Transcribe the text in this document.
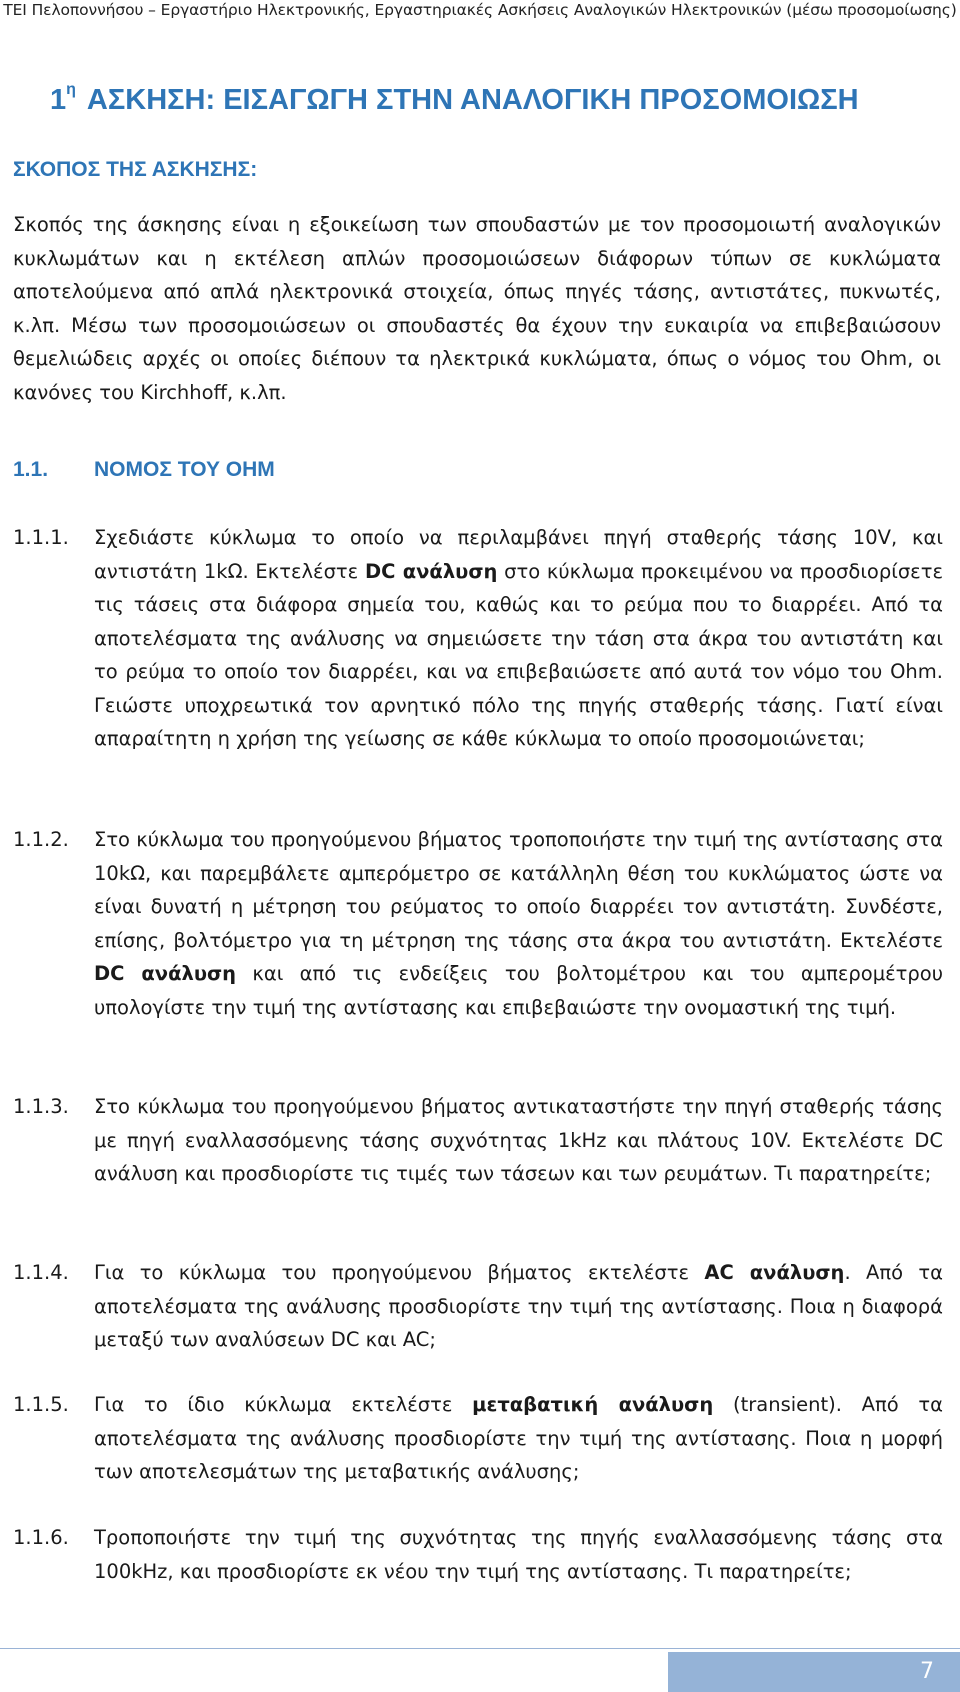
ΤΕΙ Πελοποννήσου – Εργαστήριο Ηλεκτρονικής, Εργαστηριακές Ασκήσεις Αναλογικών Ηλεκτρονικών (μέσω προσομοίωσης)
$1^\eta$ ΑΣΚΗΣΗ: ΕΙΣΑΓΩΓΗ ΣΤΗΝ ΑΝΑΛΟΓΙΚΗ ΠΡΟΣΟΜΟΙΩΣΗ
ΣΚΟΠΟΣ ΤΗΣ ΑΣΚΗΣΗΣ:

Σκοπός της άσκησης είναι η εξοικείωση των σπουδαστών με τον προσομοιωτή αναλογικών κυκλωμάτων και η εκτέλεση απλών προσομοιώσεων διάφορων τύπων σε κυκλώματα αποτελούμενα από απλά ηλεκτρονικά στοιχεία, όπως πηγές τάσης, αντιστάτες, πυκνωτές, κ.λπ. Μέσω των προσομοιώσεων οι σπουδαστές θα έχουν την ευκαιρία να επιβεβαιώσουν θεμελιώδεις αρχές οι οποίες διέπουν τα ηλεκτρικά κυκλώματα, όπως ο νόμος του Ohm, οι κανόνες του Kirchhoff, κ.λπ.

1.1. ΝΟΜΟΣ ΤΟΥ ΟΗΜ
1.1.1. Σχεδιάστε κύκλωμα το οποίο να περιλαμβάνει πηγή σταθερής τάσης 10V, και αντιστάτη 1kΩ. Εκτελέστε DC ανάλυση στο κύκλωμα προκειμένου να προσδιορίσετε τις τάσεις στα διάφορα σημεία του, καθώς και το ρεύμα που το διαρρέει. Από τα αποτελέσματα της ανάλυσης να σημειώσετε την τάση στα άκρα του αντιστάτη και το ρεύμα το οποίο τον διαρρέει, και να επιβεβαιώσετε από αυτά τον νόμο του Ohm. Γειώστε υποχρεωτικά τον αρνητικό πόλο της πηγής σταθερής τάσης. Γιατί είναι απαραίτητη η χρήση της γείωσης σε κάθε κύκλωμα το οποίο προσομοιώνεται;

1.1.2. Στο κύκλωμα του προηγούμενου βήματος τροποποιήστε την τιμή της αντίστασης στα 10kΩ, και παρεμβάλετε αμπερόμετρο σε κατάλληλη θέση του κυκλώματος ώστε να είναι δυνατή η μέτρηση του ρεύματος το οποίο διαρρέει τον αντιστάτη. Συνδέστε, επίσης, βολτόμετρο για τη μέτρηση της τάσης στα άκρα του αντιστάτη. Εκτελέστε DC ανάλυση και από τις ενδείξεις του βολτομέτρου και του αμπερομέτρου υπολογίστε την τιμή της αντίστασης και επιβεβαιώστε την ονομαστική της τιμή.

1.1.3. Στο κύκλωμα του προηγούμενου βήματος αντικαταστήστε την πηγή σταθερής τάσης με πηγή εναλλασσόμενης τάσης συχνότητας 1kHz και πλάτους 10V. Εκτελέστε DC ανάλυση και προσδιορίστε τις τιμές των τάσεων και των ρευμάτων. Τι παρατηρείτε;

1.1.4. Για το κύκλωμα του προηγούμενου βήματος εκτελέστε AC ανάλυση. Από τα αποτελέσματα της ανάλυσης προσδιορίστε την τιμή της αντίστασης. Ποια η διαφορά μεταξύ των αναλύσεων DC και AC;

1.1.5. Για το ίδιο κύκλωμα εκτελέστε μεταβατική ανάλυση (transient). Από τα αποτελέσματα της ανάλυσης προσδιορίστε την τιμή της αντίστασης. Ποια η μορφή των αποτελεσμάτων της μεταβατικής ανάλυσης;

1.1.6. Τροποποιήστε την τιμή της συχνότητας της πηγής εναλλασσόμενης τάσης στα 100kHz, και προσδιορίστε εκ νέου την τιμή της αντίστασης. Τι παρατηρείτε;

7
